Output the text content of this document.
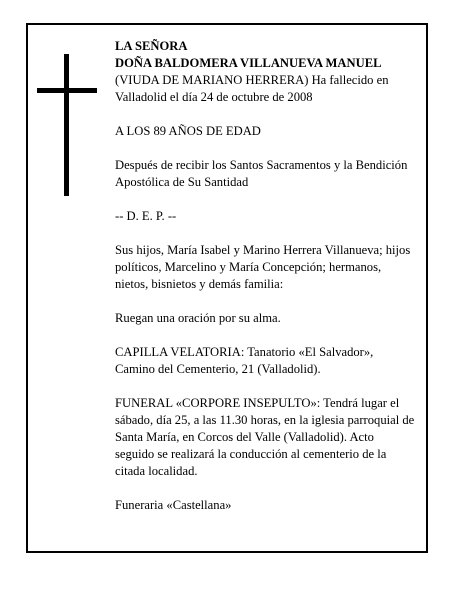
LA SEÑORA
DOÑA BALDOMERA VILLANUEVA MANUEL

(VIUDA DE MARIANO HERRERA) Ha fallecido en Valladolid el día 24 de octubre de 2008

A LOS 89 AÑOS DE EDAD

Después de recibir los Santos Sacramentos y la Bendición Apostólica de Su Santidad

-- D. E. P. --

Sus hijos, María Isabel y Marino Herrera Villanueva; hijos políticos, Marcelino y María Concepción; hermanos, nietos, bisnietos y demás familia:

Ruegan una oración por su alma.

CAPILLA VELATORIA: Tanatorio «El Salvador», Camino del Cementerio, 21 (Valladolid).

FUNERAL «CORPORE INSEPULTO»: Tendrá lugar el sábado, día 25, a las 11.30 horas, en la iglesia parroquial de Santa María, en Corcos del Valle (Valladolid). Acto seguido se realizará la conducción al cementerio de la citada localidad.

Funeraria «Castellana»
